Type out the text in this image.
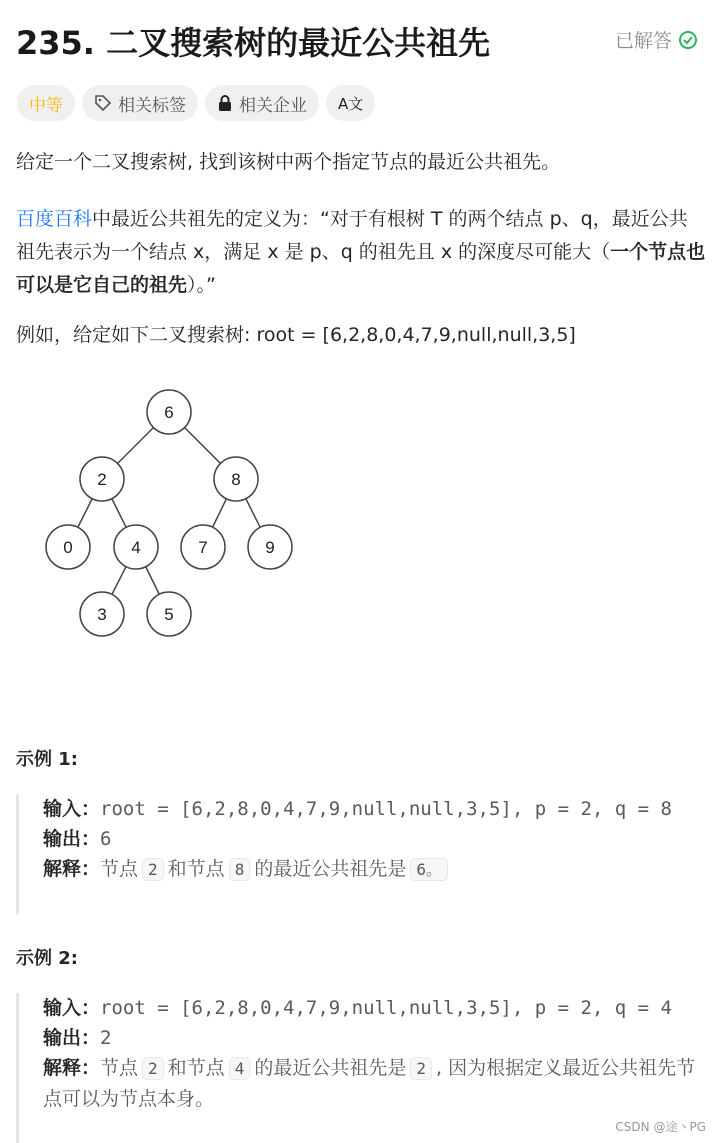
235. 二叉搜索树的最近公共祖先	已解答
中等	相关标签	相关企业 A文

给定一个二叉搜索树, 找到该树中两个指定节点的最近公共祖先。

百度百科中最近公共祖先的定义为：“对于有根树 T 的两个结点 p、q，最近公共祖先表示为一个结点 x，满足 x 是 p、q 的祖先且 x 的深度尽可能大（一个节点也可以是它自己的祖先）。”

例如，给定如下二叉搜索树: root = [6,2,8,0,4,7,9,null,null,3,5]

6
2	8
0	4	7	9
3	5
示例 1:
输入：root = [6,2,8,0,4,7,9,null,null,3,5], p = 2, q = 8
输出：6
解释：节点 2 和节点 8 的最近公共祖先是 6。
示例 2:
输入：root = [6,2,8,0,4,7,9,null,null,3,5], p = 2, q = 4
输出：2
解释：节点 2 和节点 4 的最近公共祖先是 2 , 因为根据定义最近公共祖先节点可以为节点本身。
CSDN @途丶PG
